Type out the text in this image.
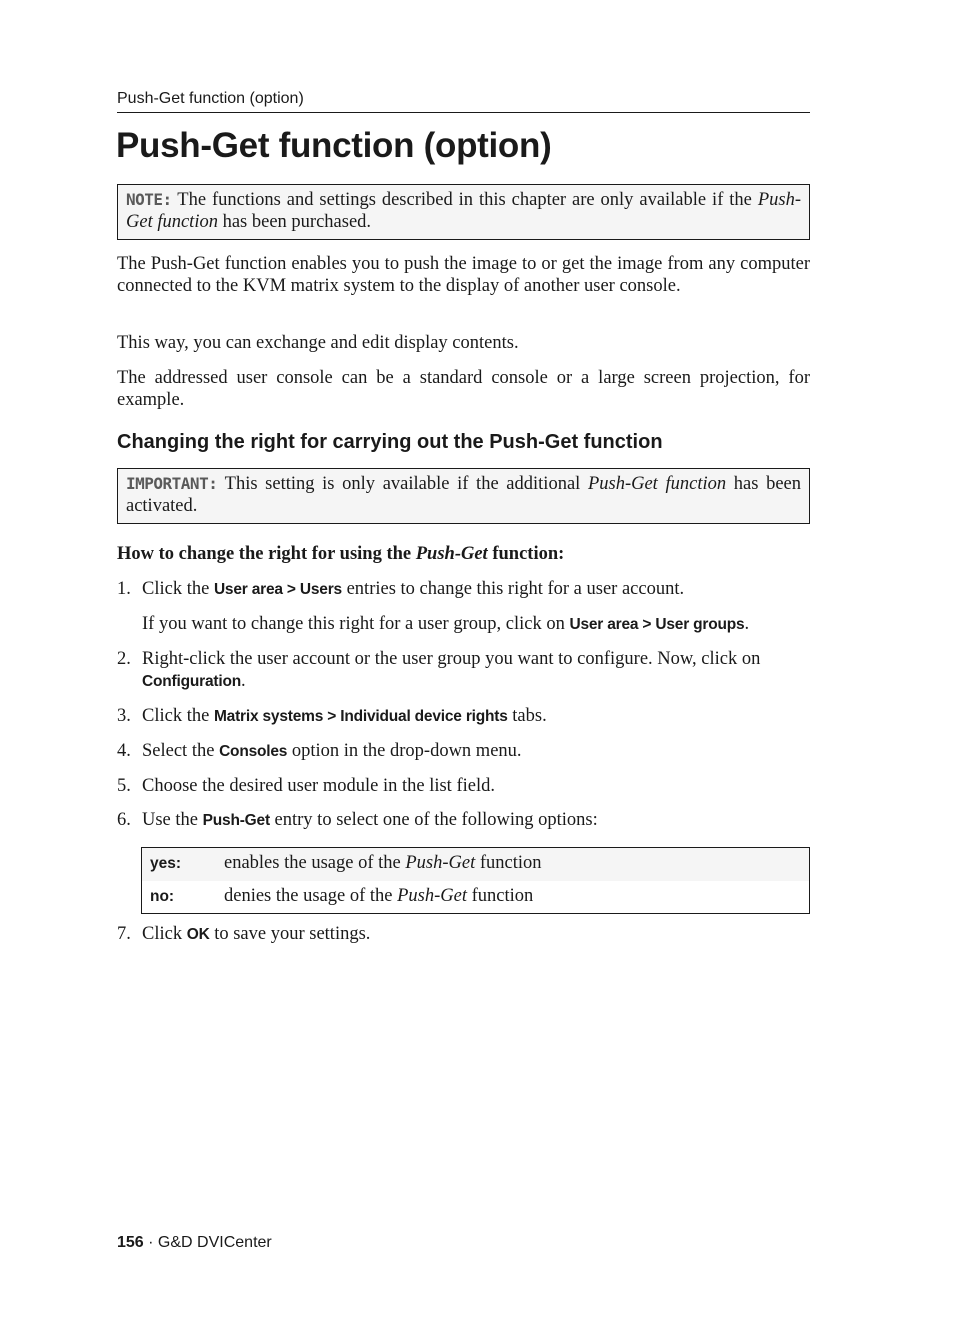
Push-Get function (option)
Push-Get function (option)
NOTE: The functions and settings described in this chapter are only available if the Push-Get function has been purchased.

The Push-Get function enables you to push the image to or get the image from any computer connected to the KVM matrix system to the display of another user console.

This way, you can exchange and edit display contents.

The addressed user console can be a standard console or a large screen projection, for example.

Changing the right for carrying out the Push-Get function
IMPORTANT: This setting is only available if the additional Push-Get function has been activated.

How to change the right for using the Push-Get function:

1. Click the User area > Users entries to change this right for a user account.
If you want to change this right for a user group, click on User area > User groups.
2. Right-click the user account or the user group you want to configure. Now, click on Configuration.
3. Click the Matrix systems > Individual device rights tabs.
4. Select the Consoles option in the drop-down menu.
5. Choose the desired user module in the list field.
6. Use the Push-Get entry to select one of the following options:
yes: enables the usage of the Push-Get function
no:	denies the usage of the Push-Get function
7. Click OK to save your settings.
156 · G&D DVICenter
